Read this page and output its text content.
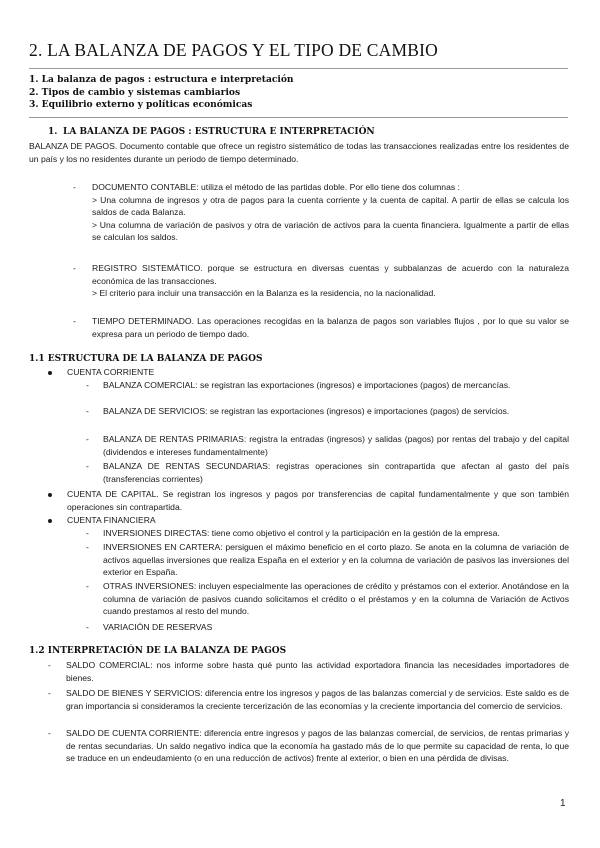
2. LA BALANZA DE PAGOS Y EL TIPO DE CAMBIO
1. La balanza de pagos : estructura e interpretación
2. Tipos de cambio y sistemas cambiarios
3. Equilibrio externo y políticas económicas
1. LA BALANZA DE PAGOS : ESTRUCTURA E INTERPRETACIÓN
BALANZA DE PAGOS. Documento contable que ofrece un registro sistemático de todas las transacciones realizadas entre los residentes de un país y los no residentes durante un periodo de tiempo determinado.
- DOCUMENTO CONTABLE: utiliza el método de las partidas doble. Por ello tiene dos columnas :
> Una columna de ingresos y otra de pagos para la cuenta corriente y la cuenta de capital. A partir de ellas se calcula los saldos de cada Balanza.
> Una columna de variación de pasivos y otra de variación de activos para la cuenta financiera. Igualmente a partir de ellas se calculan los saldos.
- REGISTRO SISTEMÁTICO. porque se estructura en diversas cuentas y subbalanzas de acuerdo con la naturaleza económica de las transacciones.
> El criterio para incluir una transacción en la Balanza es la residencia, no la nacionalidad.
- TIEMPO DETERMINADO. Las operaciones recogidas en la balanza de pagos son variables flujos , por lo que su valor se expresa para un periodo de tiempo dado.
1.1 ESTRUCTURA DE LA BALANZA DE PAGOS
CUENTA CORRIENTE
- BALANZA COMERCIAL: se registran las exportaciones (ingresos) e importaciones (pagos) de mercancías.
- BALANZA DE SERVICIOS: se registran las exportaciones (ingresos) e importaciones (pagos) de servicios.
- BALANZA DE RENTAS PRIMARIAS: registra la entradas (ingresos) y salidas (pagos) por rentas del trabajo y del capital (dividendos e intereses fundamentalmente)
- BALANZA DE RENTAS SECUNDARIAS: registras operaciones sin contrapartida que afectan al gasto del país (transferencias corrientes)
CUENTA DE CAPITAL. Se registran los ingresos y pagos por transferencias de capital fundamentalmente y que son también operaciones sin contrapartida.
CUENTA FINANCIERA
- INVERSIONES DIRECTAS: tiene como objetivo el control y la participación en la gestión de la empresa.
- INVERSIONES EN CARTERA: persiguen el máximo beneficio en el corto plazo. Se anota en la columna de variación de activos aquellas inversiones que realiza España en el exterior y en la columna de variación de pasivos las inversiones del exterior en España.
- OTRAS INVERSIONES: incluyen especialmente las operaciones de crédito y préstamos con el exterior. Anotándose en la columna de variación de pasivos cuando solicitamos el crédito o el préstamos y en la columna de Variación de Activos cuando prestamos al resto del mundo.
- VARIACIÓN DE RESERVAS
1.2 INTERPRETACIÓN DE LA BALANZA DE PAGOS
- SALDO COMERCIAL: nos informe sobre hasta qué punto las actividad exportadora financia las necesidades importadores de bienes.
- SALDO DE BIENES Y SERVICIOS: diferencia entre los ingresos y pagos de las balanzas comercial y de servicios. Este saldo es de gran importancia si consideramos la creciente tercerización de las economías y la creciente importancia del comercio de servicios.
- SALDO DE CUENTA CORRIENTE: diferencia entre ingresos y pagos de las balanzas comercial, de servicios, de rentas primarias y de rentas secundarias. Un saldo negativo indica que la economía ha gastado más de lo que permite su capacidad de renta, lo que se traduce en un endeudamiento (o en una reducción de activos) frente al exterior, o bien en una pérdida de divisas.
1
